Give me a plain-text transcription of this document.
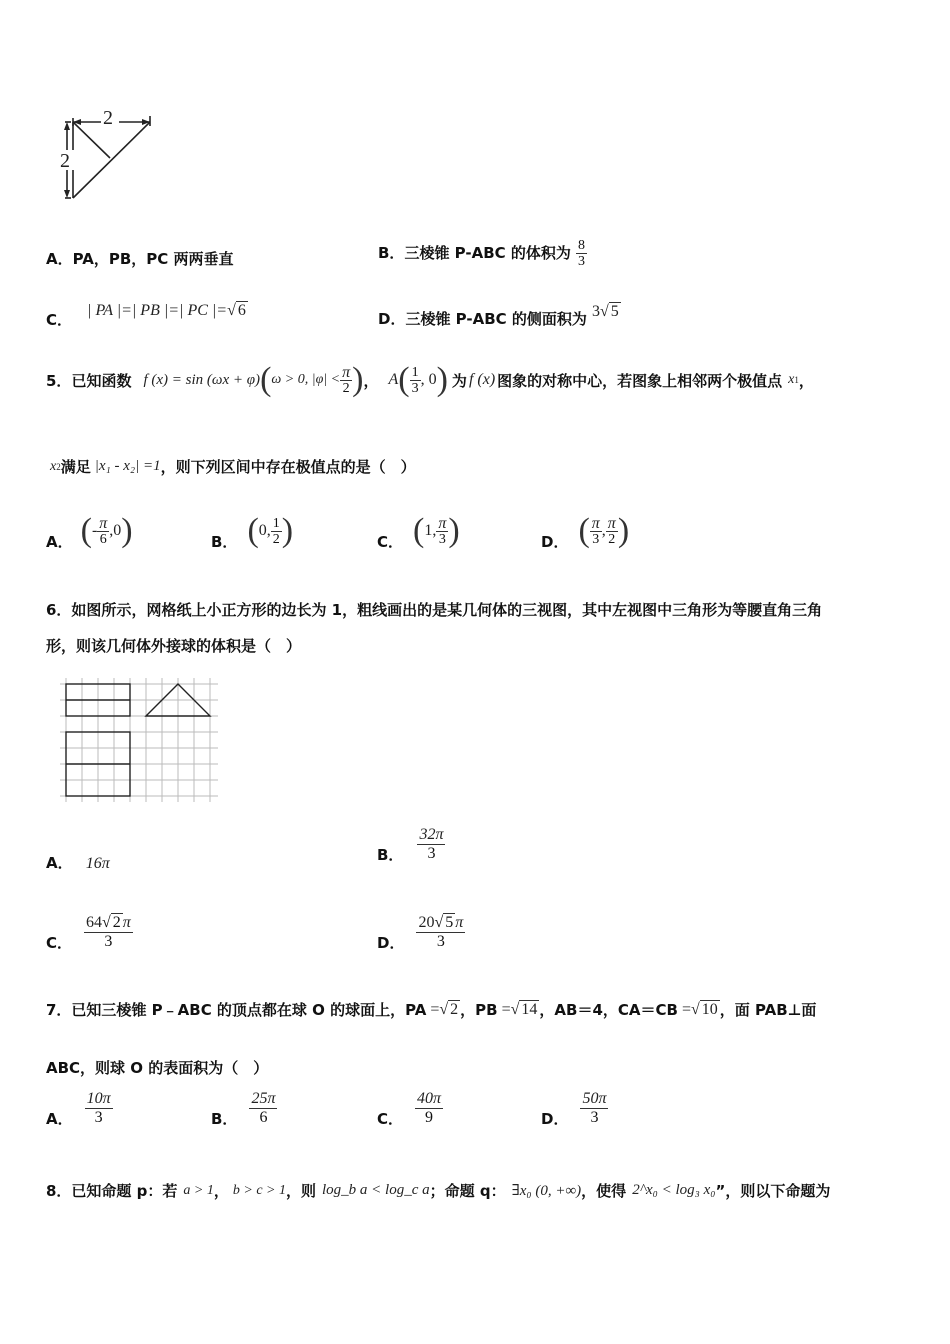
2
2
A．PA，PB，PC 两两垂直	B．三棱锥 P-ABC 的体积为 $\frac{8}{3}$
C． | PA |=| PB |=| PC |=√ 6	D．三棱锥 P-ABC 的侧面积为 3√ 5
5． 已知函数 f (x) = sin (ωx + φ) ( ω > 0, $|\varphi| < \frac{\pi}{2}$ ) ， A ( $\frac{1}{3}$ , 0 ) 为 f (x) 图象的对称中心，若图象上相邻两个极值点 x 1 ，
x 2 满足 |x₁ - x₂| =1 ，则下列区间中存在极值点的是（　）
A． ( - $\frac{\pi}{6} ,0$ )	B． ( 0, $\frac{1}{2}$ )	C． ( 1, $\frac{\pi}{3}$ )	D． ( $\frac{\pi}{3}$ , $\frac{\pi}{2}$ )
6．如图所示，网格纸上小正方形的边长为 1，粗线画出的是某几何体的三视图，其中左视图中三角形为等腰直角三角
形，则该几何体外接球的体积是（　）
A． 16π	B． $\frac{32\pi}{3}$
C． $\frac{64√ 2 \pi}{3}$	D． $\frac{20√ 5 \pi}{3}$
7．已知三棱锥 P﹣ABC 的顶点都在球 O 的球面上，PA =√ 2 ，PB =√ 14 ，AB＝4，CA＝CB =√ 10 ，面 PAB⊥面
ABC，则球 O 的表面积为（　）
A． $\frac{10\pi}{3}$	B． $\frac{25\pi}{6}$	C． $\frac{40\pi}{9}$	D． $\frac{50\pi}{3}$
8．已知命题 p：若 a > 1 ， b > c > 1 ，则 log_b a < log_c a ；命题 q： ∃x₀ (0, +∞) ，使得 2^x₀ < log₃ x₀ ”，则以下命题为
